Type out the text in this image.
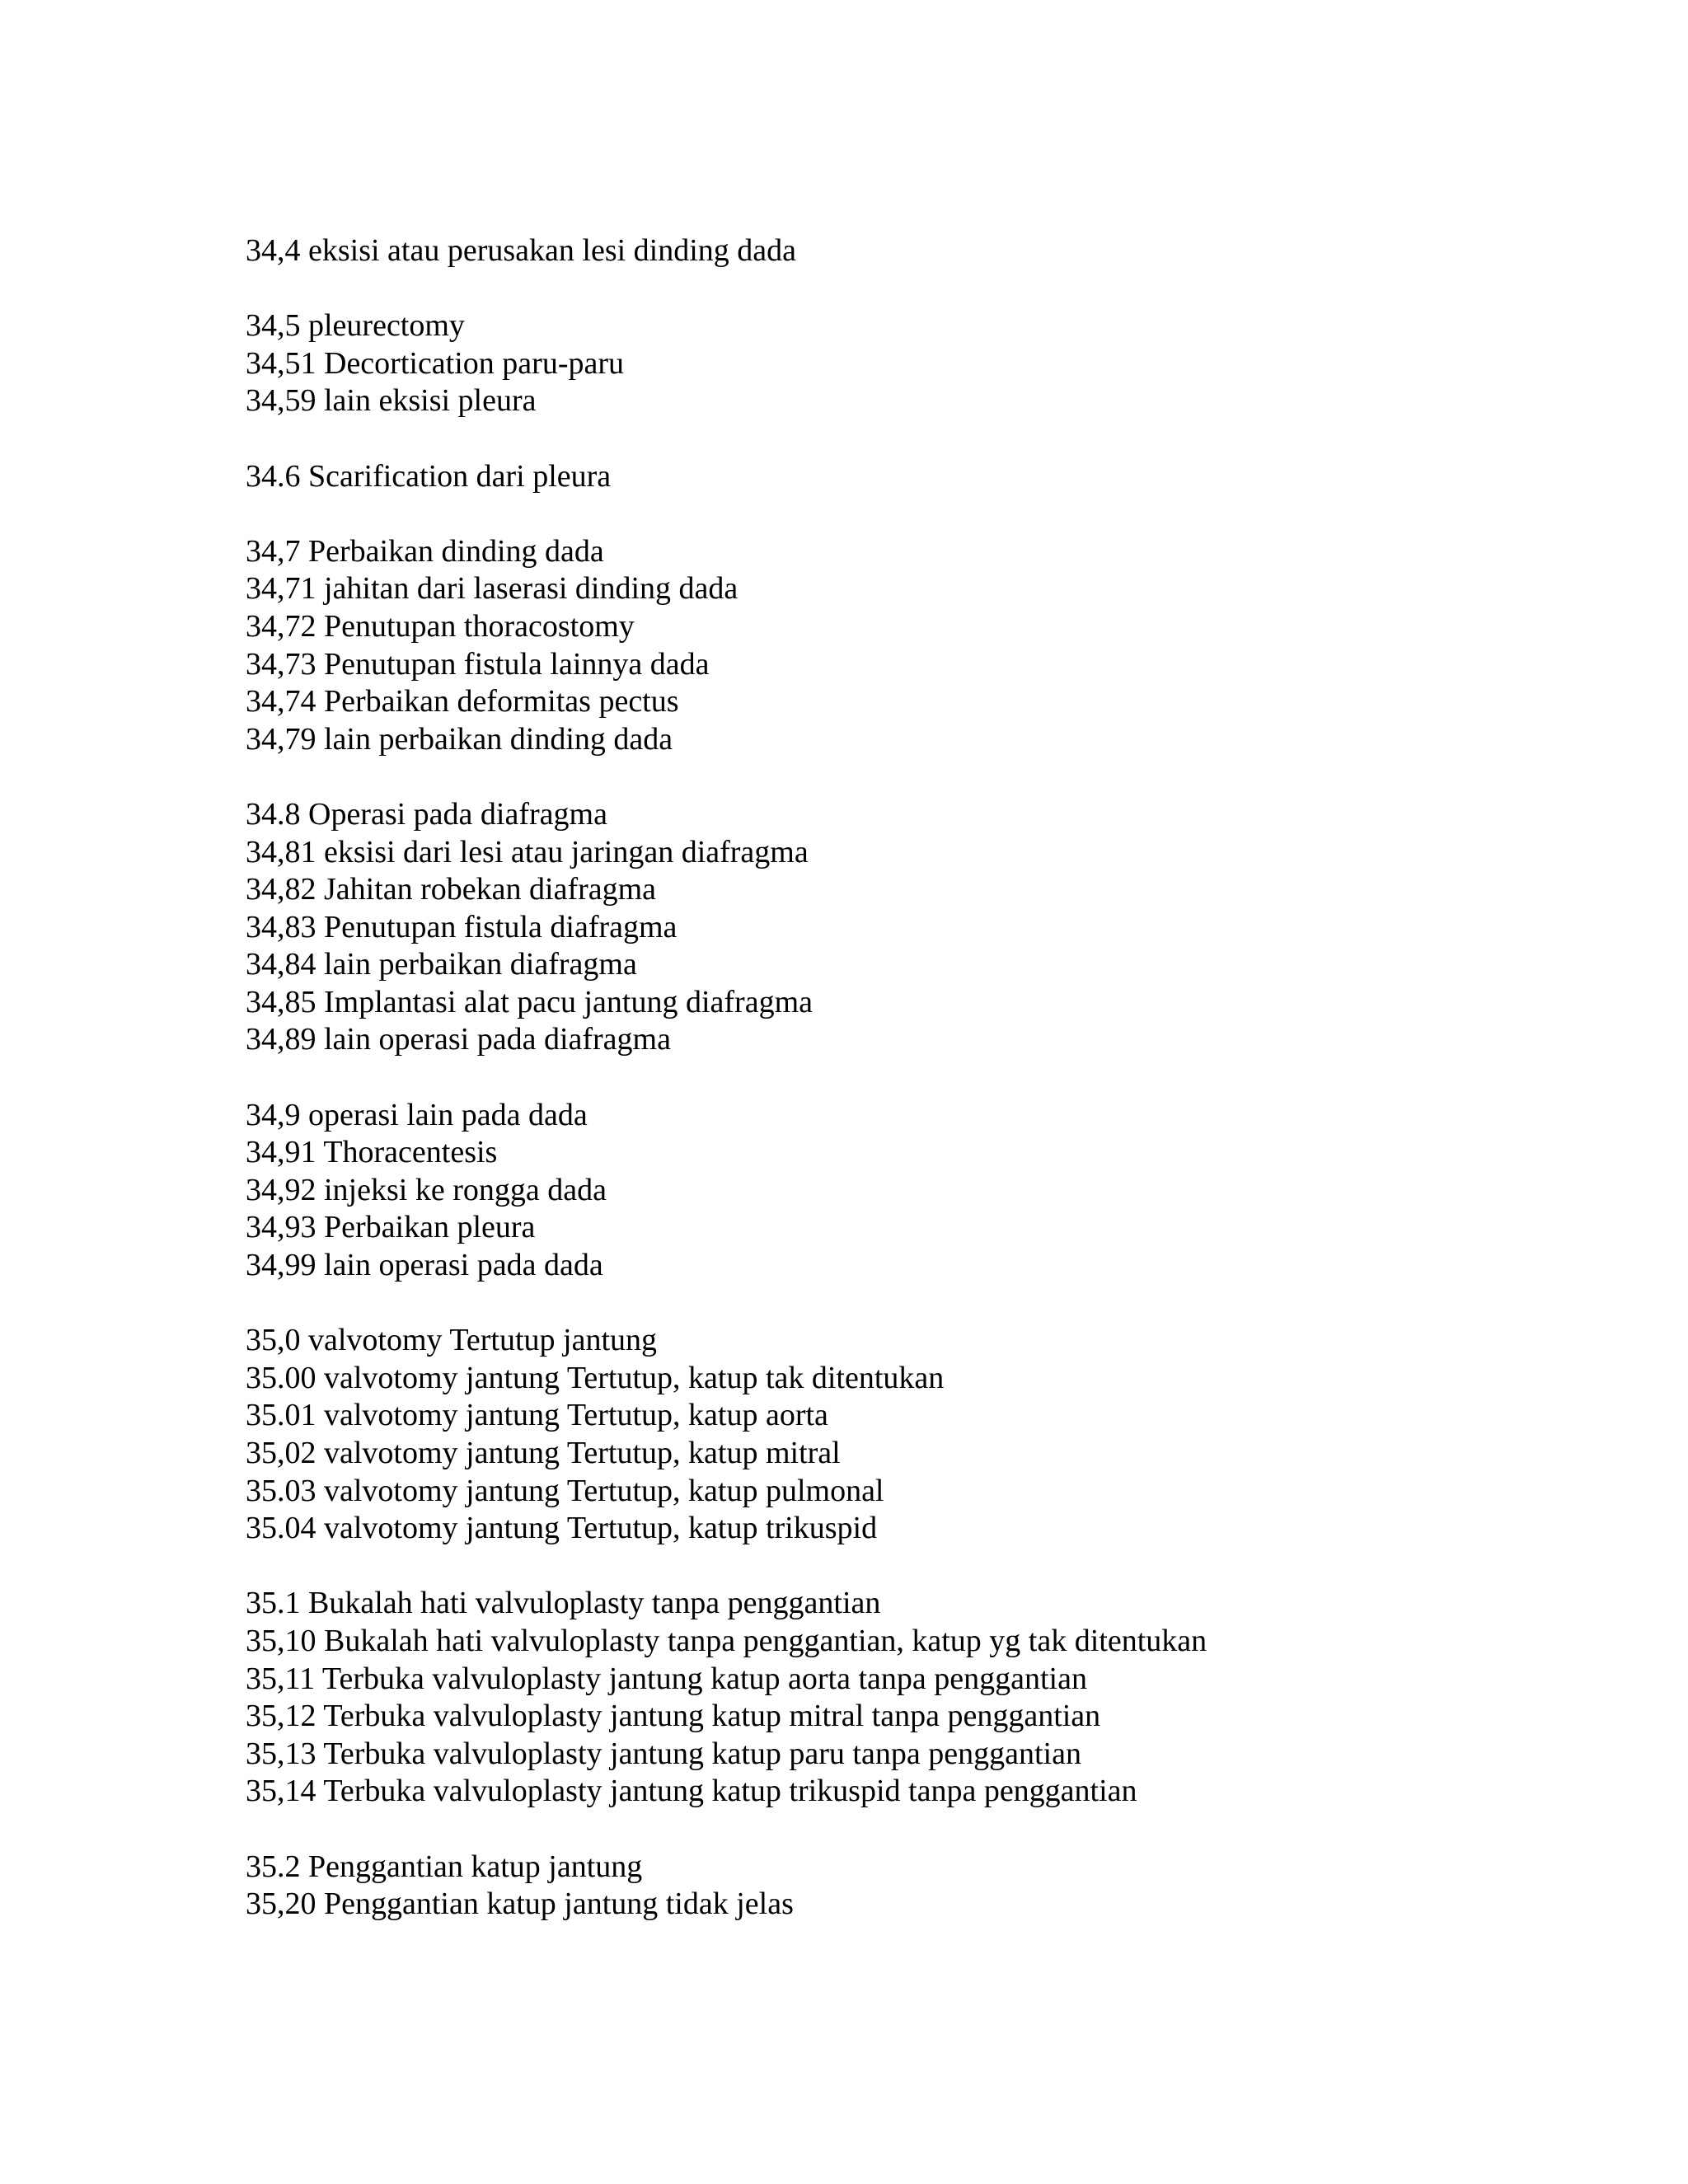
34,4 eksisi atau perusakan lesi dinding dada
34,5 pleurectomy
34,51 Decortication paru-paru
34,59 lain eksisi pleura
34.6 Scarification dari pleura
34,7 Perbaikan dinding dada
34,71 jahitan dari laserasi dinding dada
34,72 Penutupan thoracostomy
34,73 Penutupan fistula lainnya dada
34,74 Perbaikan deformitas pectus
34,79 lain perbaikan dinding dada
34.8 Operasi pada diafragma
34,81 eksisi dari lesi atau jaringan diafragma
34,82 Jahitan robekan diafragma
34,83 Penutupan fistula diafragma
34,84 lain perbaikan diafragma
34,85 Implantasi alat pacu jantung diafragma
34,89 lain operasi pada diafragma
34,9 operasi lain pada dada
34,91 Thoracentesis
34,92 injeksi ke rongga dada
34,93 Perbaikan pleura
34,99 lain operasi pada dada
35,0 valvotomy Tertutup jantung
35.00 valvotomy jantung Tertutup, katup tak ditentukan
35.01 valvotomy jantung Tertutup, katup aorta
35,02 valvotomy jantung Tertutup, katup mitral
35.03 valvotomy jantung Tertutup, katup pulmonal
35.04 valvotomy jantung Tertutup, katup trikuspid
35.1 Bukalah hati valvuloplasty tanpa penggantian
35,10 Bukalah hati valvuloplasty tanpa penggantian, katup yg tak ditentukan
35,11 Terbuka valvuloplasty jantung katup aorta tanpa penggantian
35,12 Terbuka valvuloplasty jantung katup mitral tanpa penggantian
35,13 Terbuka valvuloplasty jantung katup paru tanpa penggantian
35,14 Terbuka valvuloplasty jantung katup trikuspid tanpa penggantian
35.2 Penggantian katup jantung
35,20 Penggantian katup jantung tidak jelas
